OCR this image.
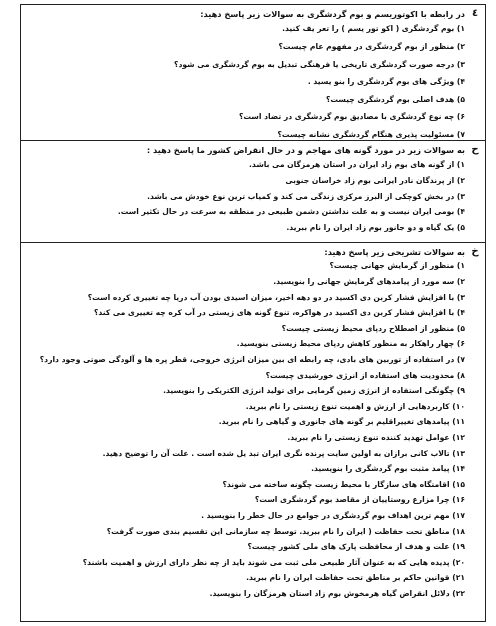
٤
در رابطه با اکوتوریسم و بوم گردشگری به سوالات زیر پاسخ دهید:
۱) بوم گردشگری ( اکو تور یسم ) را تعر یف کنید.
۲) منظور از بوم گردشگری در مفهوم عام چیست؟
۳) درجه صورت گردشگری تاریخی یا فرهنگی تبدیل به بوم گردشگری می شود؟
۴) ویژگی های بوم گردشگری را بنو یسید .
۵) هدف اصلی بوم گردشگری چیست؟
۶) چه نوع گردشگری با مصادیق بوم گردشگری در تضاد است؟
۷) مسئولیت پذیری هنگام گردشگری نشانه چیست؟
ح
به سوالات زیر در مورد گونه های مهاجم و در حال انقراض کشور ما پاسخ دهید :
۱) از گونه های بوم زاد ایران در استان هرمزگان می باشد.
۲) از پرندگان نادر ایرانی بوم زاد خراسان جنوبی
۳) در بخش کوچکی از البرز مرکزی زندگی می کند و کمیاب ترین نوع خودش می باشد.
۴) بومی ایران نیست و به علت نداشتن دشمن طبیعی در منطقه به سرعت در حال تکثیر است.
۵) یک گیاه و دو جانور بوم زاد ایران را نام ببرید.
خ
به سوالات تشریحی زیر پاسخ دهید:
۱) منظور از گرمایش جهانی چیست؟
۲) سه مورد از پیامدهای گرمایش جهانی را بنویسید.
۳) با افزایش فشار کربن دی اکسید در دو دهه اخیر، میزان اسیدی بودن آب دریا چه تغییری کرده است؟
۴) با افزایش فشار کربن دی اکسید در هواکره، تنوع گونه های زیستی در آب کره چه تغییری می کند؟
۵) منظور از اصطلاح ردپای محیط زیستی چیست؟
۶) چهار راهکار به منظور کاهش ردپای محیط زیستی بنویسید.
۷) در استفاده از توربین های بادی، چه رابطه ای بین میزان انرژی خروجی، قطر پره ها و آلودگی صوتی وجود دارد؟
۸) محدودیت های استفاده از انرژی خورشیدی چیست؟
۹) چگونگی استفاده از انرژی زمین گرمایی برای تولید انرژی الکتریکی را بنویسید.
۱۰) کاربردهایی از ارزش و اهمیت تنوع زیستی را نام ببرید.
۱۱) پیامدهای تغییراقلیم بر گونه های جانوری و گیاهی را نام ببرید.
۱۲) عوامل تهدید کننده تنوع زیستی را نام ببرید.
۱۳) تالاب کانی برازان به اولین سایت پرنده نگری ایران تبد یل شده است . علت آن را توضیح دهید.
۱۴) پیامد مثبت بوم گردشگری را بنویسید.
۱۵) اقامتگاه های سازگار با محیط زیست چگونه ساخته می شوند؟
۱۶) چرا مزارع روستاییان از مقاصد بوم گردشگری است؟
۱۷) مهم ترین اهداف بوم گردشگری در جوامع در حال خطر را بنویسید .
۱۸) مناطق تحت حفاظت ( ایران را نام ببرید. توسط چه سازمانی این تقسیم بندی صورت گرفت؟
۱۹) علت و هدف از محافظت پارک های ملی کشور چیست؟
۲۰) پدیده هایی که به عنوان آثار طبیعی ملی ثبت می شوند باید از چه نظر دارای ارزش و اهمیت باشند؟
۲۱) قوانین حاکم بر مناطق تحت حفاظت ایران را نام ببرید.
۲۲) دلائل انقراض گیاه هرمخوش بوم زاد استان هرمزگان را بنویسید.
